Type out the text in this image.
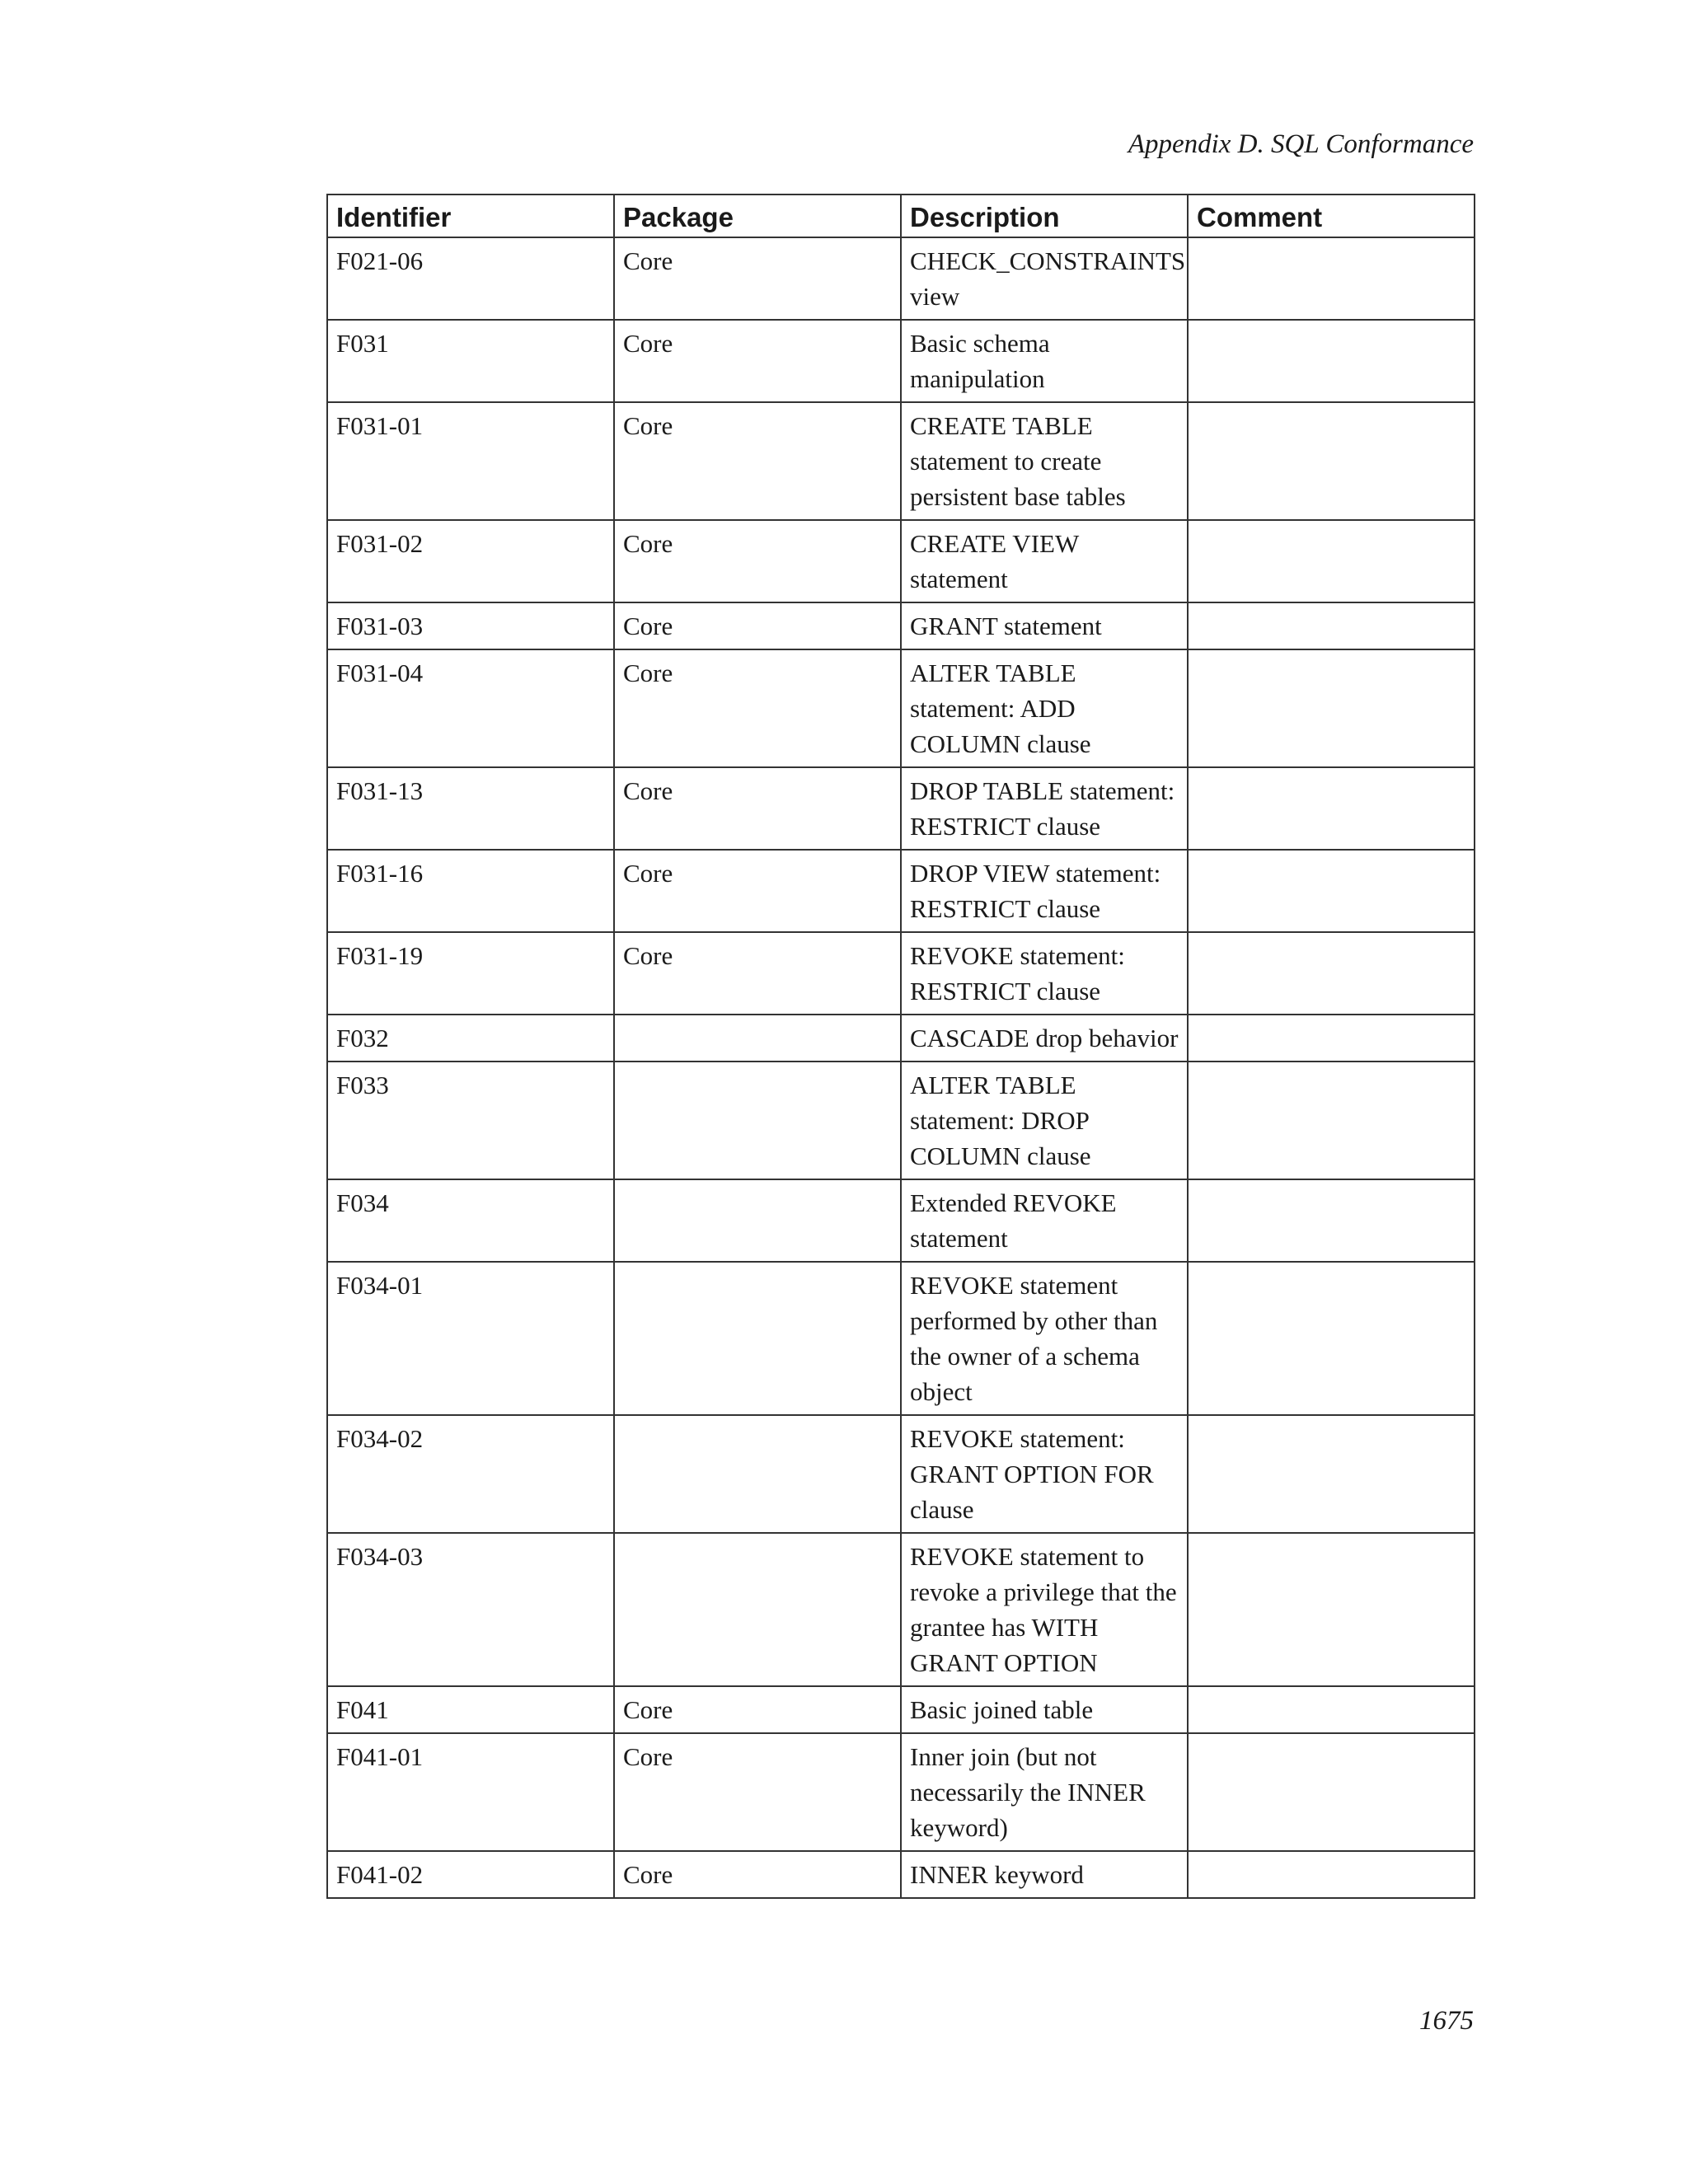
Appendix D. SQL Conformance
Identifier	Package	Description	Comment
F021-06	Core	CHECK_CONSTRAINTS view	
F031	Core	Basic schema manipulation	
F031-01	Core	CREATE TABLE statement to create persistent base tables	
F031-02	Core	CREATE VIEW statement	
F031-03	Core	GRANT statement	
F031-04	Core	ALTER TABLE statement: ADD COLUMN clause	
F031-13	Core	DROP TABLE statement: RESTRICT clause	
F031-16	Core	DROP VIEW statement: RESTRICT clause	
F031-19	Core	REVOKE statement: RESTRICT clause	
F032		CASCADE drop behavior	
F033		ALTER TABLE statement: DROP COLUMN clause	
F034		Extended REVOKE statement	
F034-01		REVOKE statement performed by other than the owner of a schema object	
F034-02		REVOKE statement: GRANT OPTION FOR clause	
F034-03		REVOKE statement to revoke a privilege that the grantee has WITH GRANT OPTION	
F041	Core	Basic joined table	
F041-01	Core	Inner join (but not necessarily the INNER keyword)	
F041-02	Core	INNER keyword	
1675
